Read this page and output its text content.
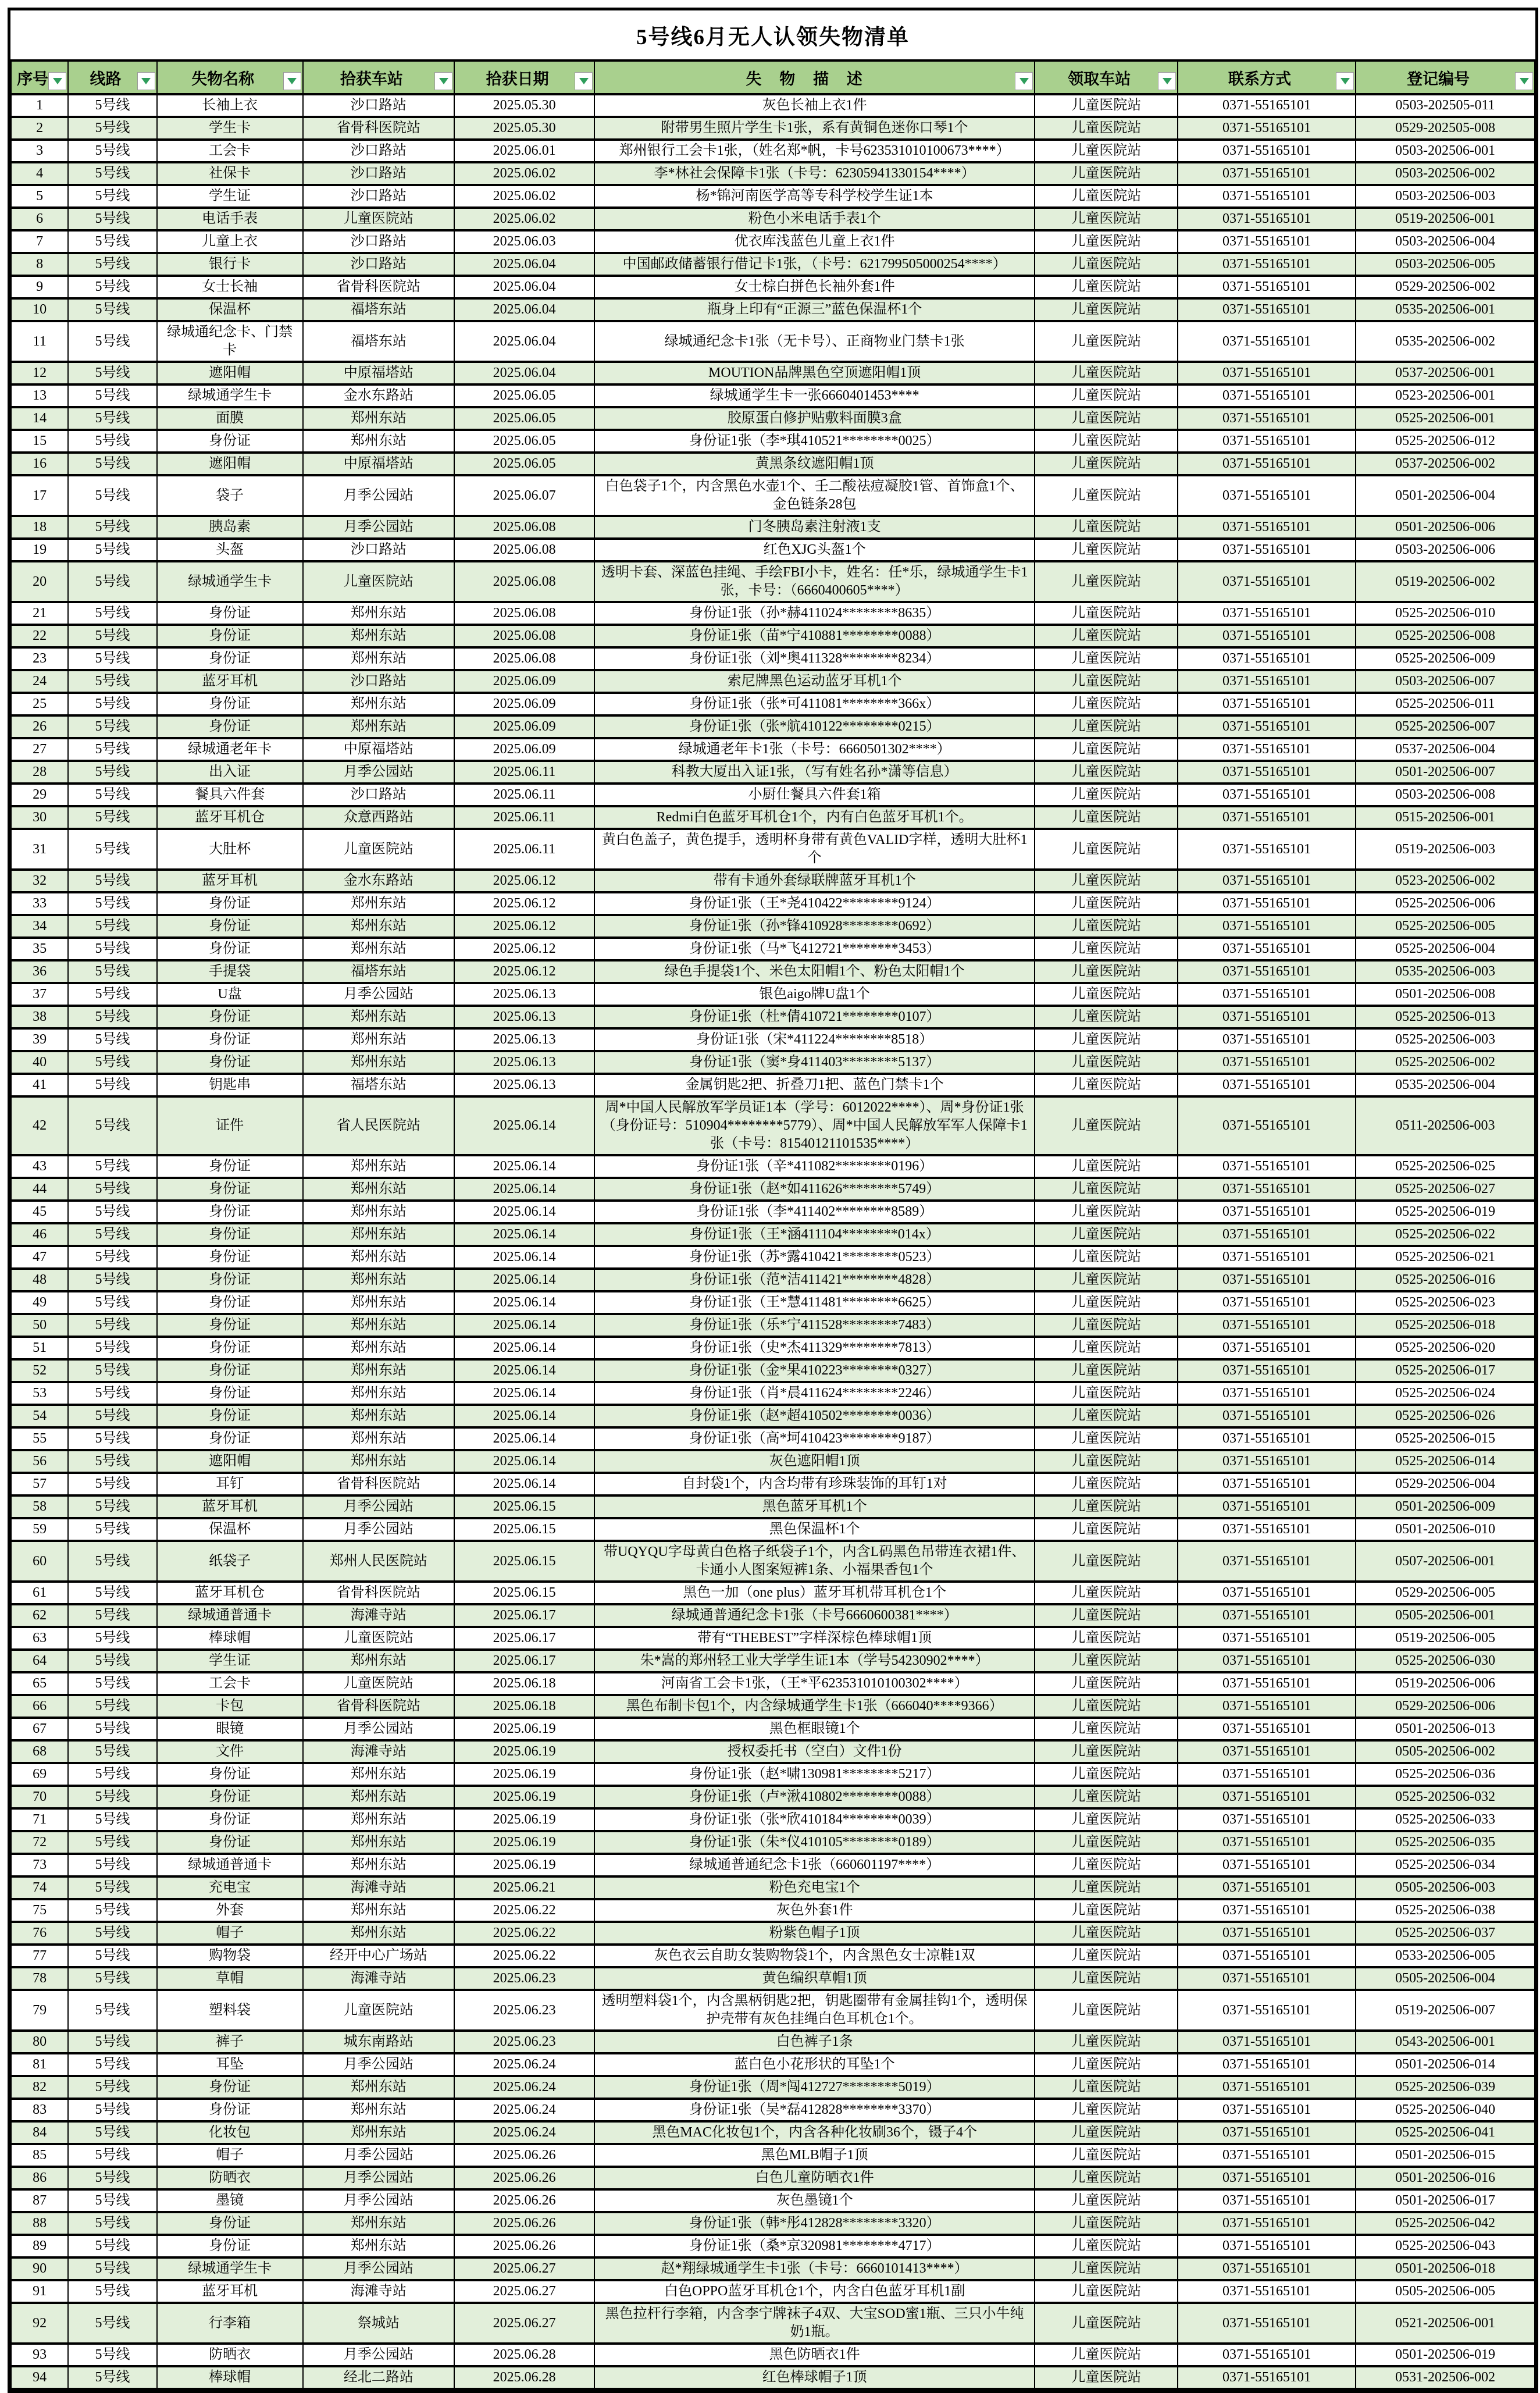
5号线6月无人认领失物清单
序号	线路	失物名称	拾获车站	拾获日期	失 物 描 述	领取车站	联系方式	登记编号

1	5号线	长袖上衣	沙口路站	2025.05.30	灰色长袖上衣1件	儿童医院站	0371-55165101	0503-202505-011
2	5号线	学生卡	省骨科医院站	2025.05.30	附带男生照片学生卡1张，系有黄铜色迷你口琴1个	儿童医院站	0371-55165101	0529-202505-008
3	5号线	工会卡	沙口路站	2025.06.01	郑州银行工会卡1张，（姓名郑*帆，卡号623531010100673****）	儿童医院站	0371-55165101	0503-202506-001
4	5号线	社保卡	沙口路站	2025.06.02	李*林社会保障卡1张（卡号：62305941330154****）	儿童医院站	0371-55165101	0503-202506-002
5	5号线	学生证	沙口路站	2025.06.02	杨*锦河南医学高等专科学校学生证1本	儿童医院站	0371-55165101	0503-202506-003
6	5号线	电话手表	儿童医院站	2025.06.02	粉色小米电话手表1个	儿童医院站	0371-55165101	0519-202506-001
7	5号线	儿童上衣	沙口路站	2025.06.03	优衣库浅蓝色儿童上衣1件	儿童医院站	0371-55165101	0503-202506-004
8	5号线	银行卡	沙口路站	2025.06.04	中国邮政储蓄银行借记卡1张，（卡号：621799505000254****）	儿童医院站	0371-55165101	0503-202506-005
9	5号线	女士长袖	省骨科医院站	2025.06.04	女士棕白拼色长袖外套1件	儿童医院站	0371-55165101	0529-202506-002
10	5号线	保温杯	福塔东站	2025.06.04	瓶身上印有“正源三”蓝色保温杯1个	儿童医院站	0371-55165101	0535-202506-001
11	5号线	绿城通纪念卡、门禁卡	福塔东站	2025.06.04	绿城通纪念卡1张（无卡号）、正商物业门禁卡1张	儿童医院站	0371-55165101	0535-202506-002
12	5号线	遮阳帽	中原福塔站	2025.06.04	MOUTION品牌黑色空顶遮阳帽1顶	儿童医院站	0371-55165101	0537-202506-001
13	5号线	绿城通学生卡	金水东路站	2025.06.05	绿城通学生卡一张6660401453****	儿童医院站	0371-55165101	0523-202506-001
14	5号线	面膜	郑州东站	2025.06.05	胶原蛋白修护贴敷料面膜3盒	儿童医院站	0371-55165101	0525-202506-001
15	5号线	身份证	郑州东站	2025.06.05	身份证1张（李*琪410521********0025）	儿童医院站	0371-55165101	0525-202506-012
16	5号线	遮阳帽	中原福塔站	2025.06.05	黄黑条纹遮阳帽1顶	儿童医院站	0371-55165101	0537-202506-002
17	5号线	袋子	月季公园站	2025.06.07	白色袋子1个，内含黑色水壶1个、壬二酸祛痘凝胶1管、首饰盒1个、金色链条28包	儿童医院站	0371-55165101	0501-202506-004
18	5号线	胰岛素	月季公园站	2025.06.08	门冬胰岛素注射液1支	儿童医院站	0371-55165101	0501-202506-006
19	5号线	头盔	沙口路站	2025.06.08	红色XJG头盔1个	儿童医院站	0371-55165101	0503-202506-006
20	5号线	绿城通学生卡	儿童医院站	2025.06.08	透明卡套、深蓝色挂绳、手绘FBI小卡，姓名：任*乐，绿城通学生卡1张，卡号：（6660400605****）	儿童医院站	0371-55165101	0519-202506-002
21	5号线	身份证	郑州东站	2025.06.08	身份证1张（孙*赫411024********8635）	儿童医院站	0371-55165101	0525-202506-010
22	5号线	身份证	郑州东站	2025.06.08	身份证1张（苗*宁410881********0088）	儿童医院站	0371-55165101	0525-202506-008
23	5号线	身份证	郑州东站	2025.06.08	身份证1张（刘*奥411328********8234）	儿童医院站	0371-55165101	0525-202506-009
24	5号线	蓝牙耳机	沙口路站	2025.06.09	索尼牌黑色运动蓝牙耳机1个	儿童医院站	0371-55165101	0503-202506-007
25	5号线	身份证	郑州东站	2025.06.09	身份证1张（张*可411081********366x）	儿童医院站	0371-55165101	0525-202506-011
26	5号线	身份证	郑州东站	2025.06.09	身份证1张（张*航410122********0215）	儿童医院站	0371-55165101	0525-202506-007
27	5号线	绿城通老年卡	中原福塔站	2025.06.09	绿城通老年卡1张（卡号：6660501302****）	儿童医院站	0371-55165101	0537-202506-004
28	5号线	出入证	月季公园站	2025.06.11	科教大厦出入证1张，（写有姓名孙*潇等信息）	儿童医院站	0371-55165101	0501-202506-007
29	5号线	餐具六件套	沙口路站	2025.06.11	小厨仕餐具六件套1箱	儿童医院站	0371-55165101	0503-202506-008
30	5号线	蓝牙耳机仓	众意西路站	2025.06.11	Redmi白色蓝牙耳机仓1个，内有白色蓝牙耳机1个。	儿童医院站	0371-55165101	0515-202506-001
31	5号线	大肚杯	儿童医院站	2025.06.11	黄白色盖子，黄色提手，透明杯身带有黄色VALID字样，透明大肚杯1个	儿童医院站	0371-55165101	0519-202506-003
32	5号线	蓝牙耳机	金水东路站	2025.06.12	带有卡通外套绿联牌蓝牙耳机1个	儿童医院站	0371-55165101	0523-202506-002
33	5号线	身份证	郑州东站	2025.06.12	身份证1张（王*尧410422********9124）	儿童医院站	0371-55165101	0525-202506-006
34	5号线	身份证	郑州东站	2025.06.12	身份证1张（孙*锋410928********0692）	儿童医院站	0371-55165101	0525-202506-005
35	5号线	身份证	郑州东站	2025.06.12	身份证1张（马*飞412721********3453）	儿童医院站	0371-55165101	0525-202506-004
36	5号线	手提袋	福塔东站	2025.06.12	绿色手提袋1个、米色太阳帽1个、粉色太阳帽1个	儿童医院站	0371-55165101	0535-202506-003
37	5号线	U盘	月季公园站	2025.06.13	银色aigo牌U盘1个	儿童医院站	0371-55165101	0501-202506-008
38	5号线	身份证	郑州东站	2025.06.13	身份证1张（杜*倩410721********0107）	儿童医院站	0371-55165101	0525-202506-013
39	5号线	身份证	郑州东站	2025.06.13	身份证1张（宋*411224********8518）	儿童医院站	0371-55165101	0525-202506-003
40	5号线	身份证	郑州东站	2025.06.13	身份证1张（窦*身411403********5137）	儿童医院站	0371-55165101	0525-202506-002
41	5号线	钥匙串	福塔东站	2025.06.13	金属钥匙2把、折叠刀1把、蓝色门禁卡1个	儿童医院站	0371-55165101	0535-202506-004
42	5号线	证件	省人民医院站	2025.06.14	周*中国人民解放军学员证1本（学号：6012022****）、周*身份证1张（身份证号：510904********5779）、周*中国人民解放军军人保障卡1张（卡号：81540121101535****）	儿童医院站	0371-55165101	0511-202506-003
43	5号线	身份证	郑州东站	2025.06.14	身份证1张（辛*411082********0196）	儿童医院站	0371-55165101	0525-202506-025
44	5号线	身份证	郑州东站	2025.06.14	身份证1张（赵*如411626********5749）	儿童医院站	0371-55165101	0525-202506-027
45	5号线	身份证	郑州东站	2025.06.14	身份证1张（李*411402********8589）	儿童医院站	0371-55165101	0525-202506-019
46	5号线	身份证	郑州东站	2025.06.14	身份证1张（王*涵411104********014x）	儿童医院站	0371-55165101	0525-202506-022
47	5号线	身份证	郑州东站	2025.06.14	身份证1张（苏*露410421********0523）	儿童医院站	0371-55165101	0525-202506-021
48	5号线	身份证	郑州东站	2025.06.14	身份证1张（范*洁411421********4828）	儿童医院站	0371-55165101	0525-202506-016
49	5号线	身份证	郑州东站	2025.06.14	身份证1张（王*慧411481********6625）	儿童医院站	0371-55165101	0525-202506-023
50	5号线	身份证	郑州东站	2025.06.14	身份证1张（乐*宁411528********7483）	儿童医院站	0371-55165101	0525-202506-018
51	5号线	身份证	郑州东站	2025.06.14	身份证1张（史*杰411329********7813）	儿童医院站	0371-55165101	0525-202506-020
52	5号线	身份证	郑州东站	2025.06.14	身份证1张（金*果410223********0327）	儿童医院站	0371-55165101	0525-202506-017
53	5号线	身份证	郑州东站	2025.06.14	身份证1张（肖*晨411624********2246）	儿童医院站	0371-55165101	0525-202506-024
54	5号线	身份证	郑州东站	2025.06.14	身份证1张（赵*超410502********0036）	儿童医院站	0371-55165101	0525-202506-026
55	5号线	身份证	郑州东站	2025.06.14	身份证1张（高*坷410423********9187）	儿童医院站	0371-55165101	0525-202506-015
56	5号线	遮阳帽	郑州东站	2025.06.14	灰色遮阳帽1顶	儿童医院站	0371-55165101	0525-202506-014
57	5号线	耳钉	省骨科医院站	2025.06.14	自封袋1个，内含均带有珍珠装饰的耳钉1对	儿童医院站	0371-55165101	0529-202506-004
58	5号线	蓝牙耳机	月季公园站	2025.06.15	黑色蓝牙耳机1个	儿童医院站	0371-55165101	0501-202506-009
59	5号线	保温杯	月季公园站	2025.06.15	黑色保温杯1个	儿童医院站	0371-55165101	0501-202506-010
60	5号线	纸袋子	郑州人民医院站	2025.06.15	带UQYQU字母黄白色格子纸袋子1个，内含L码黑色吊带连衣裙1件、卡通小人图案短裤1条、小福果香包1个	儿童医院站	0371-55165101	0507-202506-001
61	5号线	蓝牙耳机仓	省骨科医院站	2025.06.15	黑色一加（one plus）蓝牙耳机带耳机仓1个	儿童医院站	0371-55165101	0529-202506-005
62	5号线	绿城通普通卡	海滩寺站	2025.06.17	绿城通普通纪念卡1张（卡号6660600381****）	儿童医院站	0371-55165101	0505-202506-001
63	5号线	棒球帽	儿童医院站	2025.06.17	带有“THEBEST”字样深棕色棒球帽1顶	儿童医院站	0371-55165101	0519-202506-005
64	5号线	学生证	郑州东站	2025.06.17	朱*嵩的郑州轻工业大学学生证1本（学号54230902****）	儿童医院站	0371-55165101	0525-202506-030
65	5号线	工会卡	儿童医院站	2025.06.18	河南省工会卡1张，（王*平623531010100302****）	儿童医院站	0371-55165101	0519-202506-006
66	5号线	卡包	省骨科医院站	2025.06.18	黑色布制卡包1个，内含绿城通学生卡1张（666040****9366）	儿童医院站	0371-55165101	0529-202506-006
67	5号线	眼镜	月季公园站	2025.06.19	黑色框眼镜1个	儿童医院站	0371-55165101	0501-202506-013
68	5号线	文件	海滩寺站	2025.06.19	授权委托书（空白）文件1份	儿童医院站	0371-55165101	0505-202506-002
69	5号线	身份证	郑州东站	2025.06.19	身份证1张（赵*啸130981********5217）	儿童医院站	0371-55165101	0525-202506-036
70	5号线	身份证	郑州东站	2025.06.19	身份证1张（卢*湫410802********0088）	儿童医院站	0371-55165101	0525-202506-032
71	5号线	身份证	郑州东站	2025.06.19	身份证1张（张*欣410184********0039）	儿童医院站	0371-55165101	0525-202506-033
72	5号线	身份证	郑州东站	2025.06.19	身份证1张（朱*仪410105********0189）	儿童医院站	0371-55165101	0525-202506-035
73	5号线	绿城通普通卡	郑州东站	2025.06.19	绿城通普通纪念卡1张（660601197****）	儿童医院站	0371-55165101	0525-202506-034
74	5号线	充电宝	海滩寺站	2025.06.21	粉色充电宝1个	儿童医院站	0371-55165101	0505-202506-003
75	5号线	外套	郑州东站	2025.06.22	灰色外套1件	儿童医院站	0371-55165101	0525-202506-038
76	5号线	帽子	郑州东站	2025.06.22	粉紫色帽子1顶	儿童医院站	0371-55165101	0525-202506-037
77	5号线	购物袋	经开中心广场站	2025.06.22	灰色衣云自助女装购物袋1个，内含黑色女士凉鞋1双	儿童医院站	0371-55165101	0533-202506-005
78	5号线	草帽	海滩寺站	2025.06.23	黄色编织草帽1顶	儿童医院站	0371-55165101	0505-202506-004
79	5号线	塑料袋	儿童医院站	2025.06.23	透明塑料袋1个，内含黑柄钥匙2把，钥匙圈带有金属挂钩1个，透明保护壳带有灰色挂绳白色耳机仓1个。	儿童医院站	0371-55165101	0519-202506-007
80	5号线	裤子	城东南路站	2025.06.23	白色裤子1条	儿童医院站	0371-55165101	0543-202506-001
81	5号线	耳坠	月季公园站	2025.06.24	蓝白色小花形状的耳坠1个	儿童医院站	0371-55165101	0501-202506-014
82	5号线	身份证	郑州东站	2025.06.24	身份证1张（周*闯412727********5019）	儿童医院站	0371-55165101	0525-202506-039
83	5号线	身份证	郑州东站	2025.06.24	身份证1张（吴*磊412828********3370）	儿童医院站	0371-55165101	0525-202506-040
84	5号线	化妆包	郑州东站	2025.06.24	黑色MAC化妆包1个，内含各种化妆刷36个，镊子4个	儿童医院站	0371-55165101	0525-202506-041
85	5号线	帽子	月季公园站	2025.06.26	黑色MLB帽子1顶	儿童医院站	0371-55165101	0501-202506-015
86	5号线	防晒衣	月季公园站	2025.06.26	白色儿童防晒衣1件	儿童医院站	0371-55165101	0501-202506-016
87	5号线	墨镜	月季公园站	2025.06.26	灰色墨镜1个	儿童医院站	0371-55165101	0501-202506-017
88	5号线	身份证	郑州东站	2025.06.26	身份证1张（韩*彤412828********3320）	儿童医院站	0371-55165101	0525-202506-042
89	5号线	身份证	郑州东站	2025.06.26	身份证1张（桑*京320981********4717）	儿童医院站	0371-55165101	0525-202506-043
90	5号线	绿城通学生卡	月季公园站	2025.06.27	赵*翔绿城通学生卡1张（卡号：6660101413****）	儿童医院站	0371-55165101	0501-202506-018
91	5号线	蓝牙耳机	海滩寺站	2025.06.27	白色OPPO蓝牙耳机仓1个，内含白色蓝牙耳机1副	儿童医院站	0371-55165101	0505-202506-005
92	5号线	行李箱	祭城站	2025.06.27	黑色拉杆行李箱，内含李宁牌袜子4双、大宝SOD蜜1瓶、三只小牛纯奶1瓶。	儿童医院站	0371-55165101	0521-202506-001
93	5号线	防晒衣	月季公园站	2025.06.28	黑色防晒衣1件	儿童医院站	0371-55165101	0501-202506-019
94	5号线	棒球帽	经北二路站	2025.06.28	红色棒球帽子1顶	儿童医院站	0371-55165101	0531-202506-002
